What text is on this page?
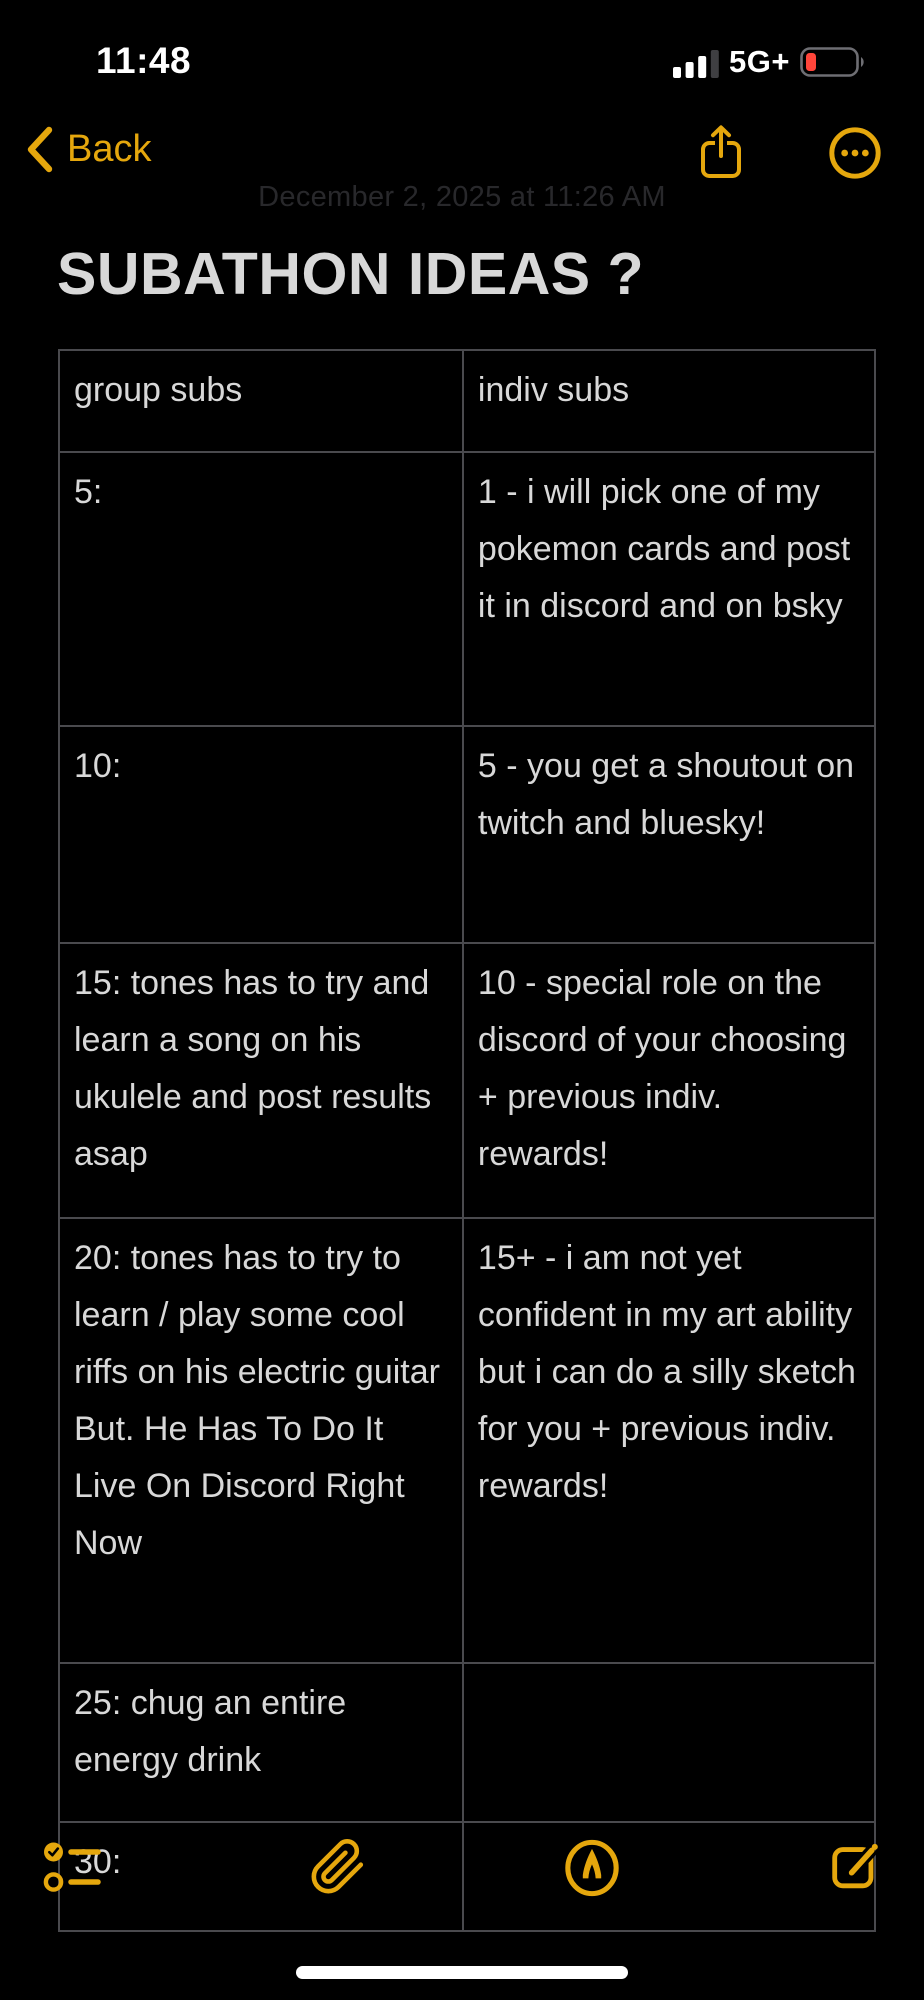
11:48	5G+
Back
December 2, 2025 at 11:26 AM
SUBATHON IDEAS ?
group subs	indiv subs
5:	1 - i will pick one of my pokemon cards and post it in discord and on bsky
10:	5 - you get a shoutout on twitch and bluesky!
15: tones has to try and learn a song on his ukulele and post results asap	10 - special role on the discord of your choosing + previous indiv. rewards!
20: tones has to try to learn / play some cool riffs on his electric guitar But. He Has To Do It Live On Discord Right Now	15+ - i am not yet confident in my art ability but i can do a silly sketch for you + previous indiv. rewards!
25: chug an entire energy drink	
30:	
